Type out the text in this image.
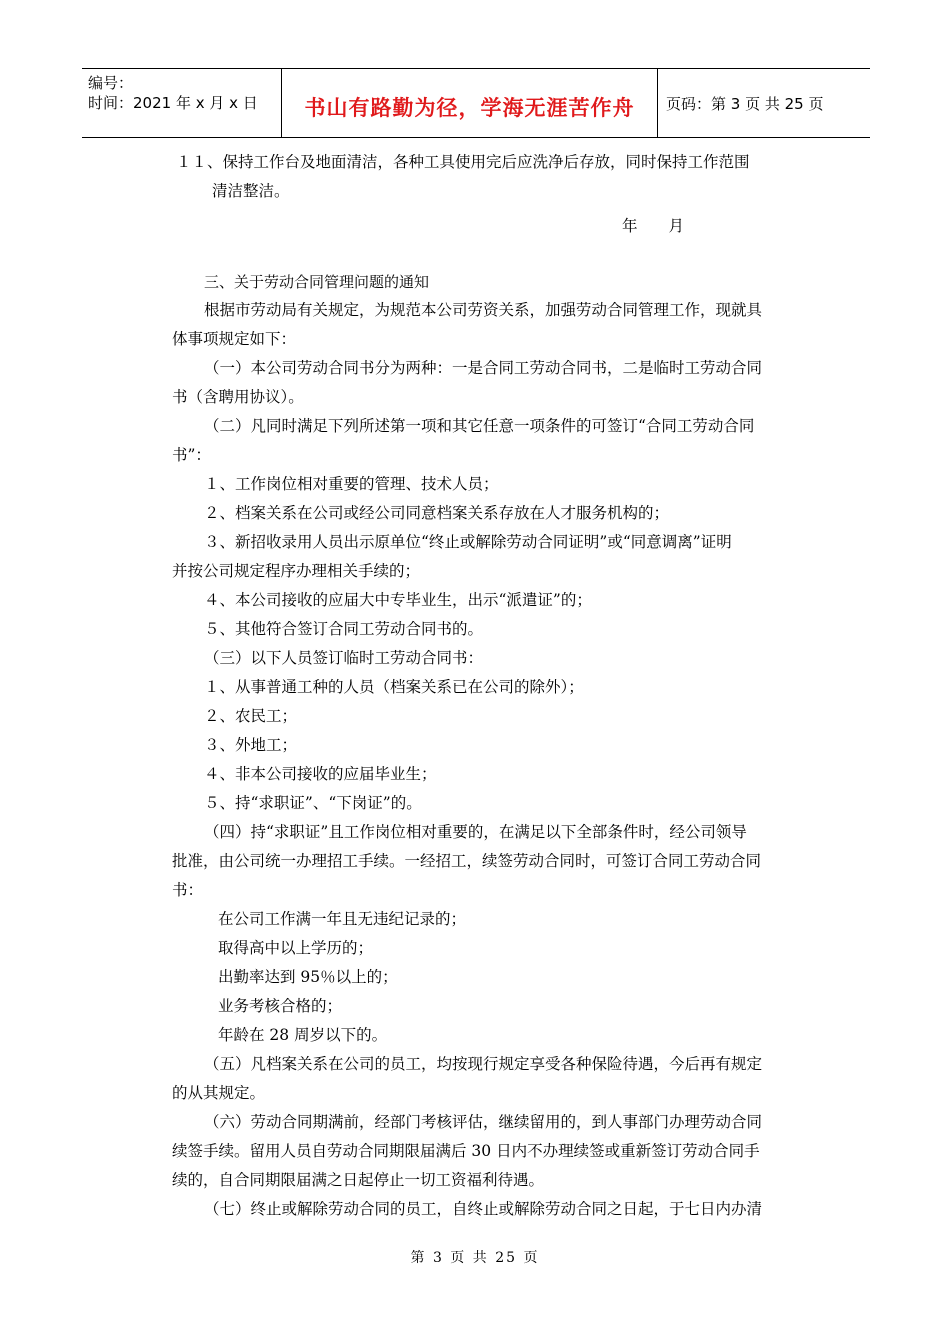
编号：
时间：2021 年 x 月 x 日	书山有路勤为径，学海无涯苦作舟	页码：第 3 页 共 25 页
１１、保持工作台及地面清洁，各种工具使用完后应洗净后存放，同时保持工作范围
清洁整洁。
年　　月
三、关于劳动合同管理问题的通知
根据市劳动局有关规定，为规范本公司劳资关系，加强劳动合同管理工作，现就具
体事项规定如下：
（一）本公司劳动合同书分为两种：一是合同工劳动合同书，二是临时工劳动合同
书（含聘用协议）。
（二）凡同时满足下列所述第一项和其它任意一项条件的可签订“合同工劳动合同
书”：
１、工作岗位相对重要的管理、技术人员；
２、档案关系在公司或经公司同意档案关系存放在人才服务机构的；
３、新招收录用人员出示原单位“终止或解除劳动合同证明”或“同意调离”证明
并按公司规定程序办理相关手续的；
４、本公司接收的应届大中专毕业生，出示“派遣证”的；
５、其他符合签订合同工劳动合同书的。
（三）以下人员签订临时工劳动合同书：
１、从事普通工种的人员（档案关系已在公司的除外）；
２、农民工；
３、外地工；
４、非本公司接收的应届毕业生；
５、持“求职证”、“下岗证”的。
（四）持“求职证”且工作岗位相对重要的，在满足以下全部条件时，经公司领导
批准，由公司统一办理招工手续。一经招工，续签劳动合同时，可签订合同工劳动合同
书：
在公司工作满一年且无违纪记录的；
取得高中以上学历的；
出勤率达到 95％以上的；
业务考核合格的；
年龄在 28 周岁以下的。
（五）凡档案关系在公司的员工，均按现行规定享受各种保险待遇，今后再有规定
的从其规定。
（六）劳动合同期满前，经部门考核评估，继续留用的，到人事部门办理劳动合同
续签手续。留用人员自劳动合同期限届满后 30 日内不办理续签或重新签订劳动合同手
续的，自合同期限届满之日起停止一切工资福利待遇。
（七）终止或解除劳动合同的员工，自终止或解除劳动合同之日起，于七日内办清
第 3 页 共 25 页
